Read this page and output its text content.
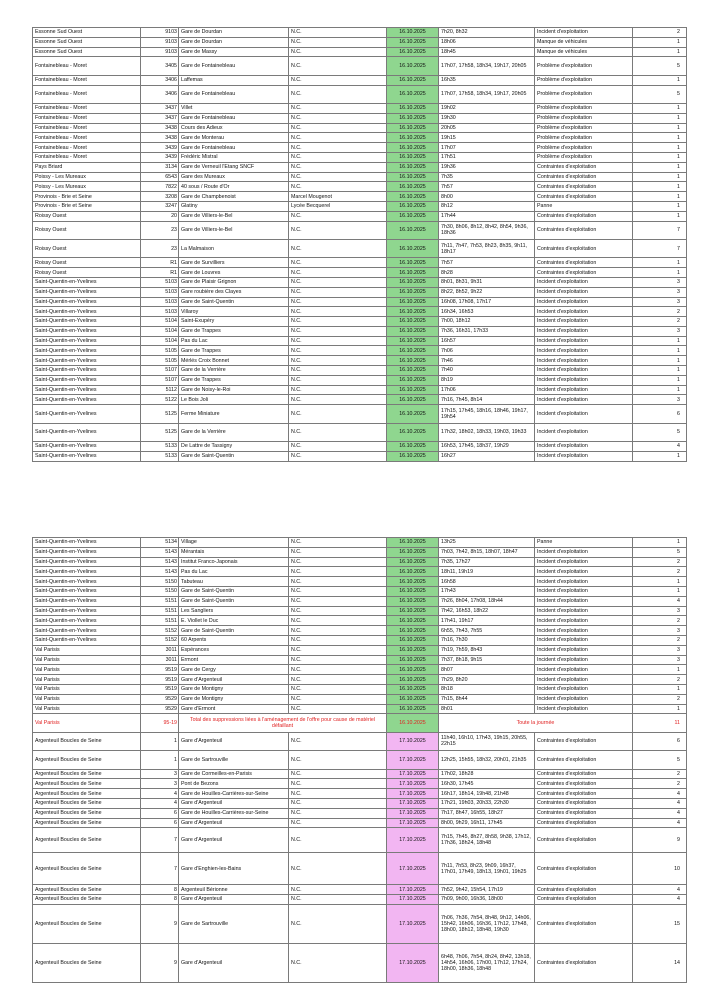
Essonne Sud Ouest	9103	Gare de Dourdan	N.C.	16.10.2025	7h20, 8h32	Incident d'exploitation	2
Essonne Sud Ouest	9103	Gare de Dourdan	N.C.	16.10.2025	18h06	Manque de véhicules	1
Essonne Sud Ouest	9103	Gare de Massy	N.C.	16.10.2025	18h45	Manque de véhicules	1
Fontainebleau - Moret	3405	Gare de Fontainebleau	N.C.	16.10.2025	17h07, 17h58, 18h34, 19h17, 20h05	Problème d'exploitation	5
Fontainebleau - Moret	3406	Laffemas	N.C.	16.10.2025	16h35	Problème d'exploitation	1
Fontainebleau - Moret	3406	Gare de Fontainebleau	N.C.	16.10.2025	17h07, 17h58, 18h34, 19h17, 20h05	Problème d'exploitation	5
Fontainebleau - Moret	3437	Villet	N.C.	16.10.2025	19h02	Problème d'exploitation	1
Fontainebleau - Moret	3437	Gare de Fontainebleau	N.C.	16.10.2025	19h30	Problème d'exploitation	1
Fontainebleau - Moret	3438	Cours des Adieux	N.C.	16.10.2025	20h05	Problème d'exploitation	1
Fontainebleau - Moret	3438	Gare de Monterau	N.C.	16.10.2025	19h15	Problème d'exploitation	1
Fontainebleau - Moret	3439	Gare de Fontainebleau	N.C.	16.10.2025	17h07	Problème d'exploitation	1
Fontainebleau - Moret	3439	Frédéric Mistral	N.C.	16.10.2025	17h51	Problème d'exploitation	1
Pays Briard	3134	Gare de Verneuil l'Etang SNCF	N.C.	16.10.2025	19h36	Contraintes d'exploitation	1
Poissy - Les Mureaux	6543	Gare des Mureaux	N.C.	16.10.2025	7h35	Contraintes d'exploitation	1
Poissy - Les Mureaux	7822	40 sous / Route d'Or	N.C.	16.10.2025	7h57	Contraintes d'exploitation	1
Provinois - Brie et Seine	3208	Gare de Champbenoist	Marcel Mougenot	16.10.2025	8h00	Contraintes d'exploitation	1
Provinois - Brie et Seine	3247	Glatiny	Lycée Becquerel	16.10.2025	8h12	Panne	1
Roissy Ouest	20	Gare de Villiers-le-Bel	N.C.	16.10.2025	17h44	Contraintes d'exploitation	1
Roissy Ouest	23	Gare de Villiers-le-Bel	N.C.	16.10.2025	7h30, 8h06, 8h12, 8h42, 8h54, 9h36, 18h36	Contraintes d'exploitation	7
Roissy Ouest	23	La Malmaison	N.C.	16.10.2025	7h11, 7h47, 7h53, 8h23, 8h35, 9h11, 18h17	Contraintes d'exploitation	7
Roissy Ouest	R1	Gare de Survilliers	N.C.	16.10.2025	7h57	Contraintes d'exploitation	1
Roissy Ouest	R1	Gare de Louvres	N.C.	16.10.2025	8h28	Contraintes d'exploitation	1
Saint-Quentin-en-Yvelines	5103	Gare de Plaisir Grignon	N.C.	16.10.2025	8h01, 8h31, 9h31	Incident d'exploitation	3
Saint-Quentin-en-Yvelines	5103	Gare roubière des Clayes	N.C.	16.10.2025	8h22, 8h52, 9h22	Incident d'exploitation	3
Saint-Quentin-en-Yvelines	5103	Gare de Saint-Quentin	N.C.	16.10.2025	16h08, 17h08, 17h17	Incident d'exploitation	3
Saint-Quentin-en-Yvelines	5103	Villaroy	N.C.	16.10.2025	16h34, 16h53	Incident d'exploitation	2
Saint-Quentin-en-Yvelines	5104	Saint-Exupéry	N.C.	16.10.2025	7h00, 18h12	Incident d'exploitation	2
Saint-Quentin-en-Yvelines	5104	Gare de Trappes	N.C.	16.10.2025	7h36, 16h31, 17h33	Incident d'exploitation	3
Saint-Quentin-en-Yvelines	5104	Pas du Lac	N.C.	16.10.2025	16h57	Incident d'exploitation	1
Saint-Quentin-en-Yvelines	5105	Gare de Trappes	N.C.	16.10.2025	7h06	Incident d'exploitation	1
Saint-Quentin-en-Yvelines	5105	Mérlés Croix Bonnet	N.C.	16.10.2025	7h46	Incident d'exploitation	1
Saint-Quentin-en-Yvelines	5107	Gare de la Verrière	N.C.	16.10.2025	7h40	Incident d'exploitation	1
Saint-Quentin-en-Yvelines	5107	Gare de Trappes	N.C.	16.10.2025	8h19	Incident d'exploitation	1
Saint-Quentin-en-Yvelines	5112	Gare de Noisy-le-Roi	N.C.	16.10.2025	17h06	Incident d'exploitation	1
Saint-Quentin-en-Yvelines	5122	Le Bois Joli	N.C.	16.10.2025	7h16, 7h45, 8h14	Incident d'exploitation	3
Saint-Quentin-en-Yvelines	5125	Ferme Miniature	N.C.	16.10.2025	17h15, 17h45, 18h16, 18h46, 19h17, 19h54	Incident d'exploitation	6
Saint-Quentin-en-Yvelines	5125	Gare de la Verrière	N.C.	16.10.2025	17h32, 18h02, 18h33, 19h03, 19h33	Incident d'exploitation	5
Saint-Quentin-en-Yvelines	5133	De Lattre de Tassigny	N.C.	16.10.2025	16h53, 17h45, 18h37, 19h29	Incident d'exploitation	4
Saint-Quentin-en-Yvelines	5133	Gare de Saint-Quentin	N.C.	16.10.2025	16h27	Incident d'exploitation	1
Saint-Quentin-en-Yvelines	5134	Village	N.C.	16.10.2025	13h25	Panne	1
Saint-Quentin-en-Yvelines	5143	Mérantais	N.C.	16.10.2025	7h03, 7h42, 8h15, 18h07, 18h47	Incident d'exploitation	5
Saint-Quentin-en-Yvelines	5143	Institut Franco-Japonais	N.C.	16.10.2025	7h35, 17h27	Incident d'exploitation	2
Saint-Quentin-en-Yvelines	5143	Pas du Lac	N.C.	16.10.2025	18h11, 19h19	Incident d'exploitation	2
Saint-Quentin-en-Yvelines	5150	Tabuteau	N.C.	16.10.2025	16h58	Incident d'exploitation	1
Saint-Quentin-en-Yvelines	5150	Gare de Saint-Quentin	N.C.	16.10.2025	17h43	Incident d'exploitation	1
Saint-Quentin-en-Yvelines	5151	Gare de Saint-Quentin	N.C.	16.10.2025	7h26, 8h04, 17h08, 18h44	Incident d'exploitation	4
Saint-Quentin-en-Yvelines	5151	Les Sangliers	N.C.	16.10.2025	7h42, 16h53, 18h22	Incident d'exploitation	3
Saint-Quentin-en-Yvelines	5151	E. Viollet le Duc	N.C.	16.10.2025	17h41, 19h17	Incident d'exploitation	2
Saint-Quentin-en-Yvelines	5152	Gare de Saint-Quentin	N.C.	16.10.2025	6h55, 7h43, 7h55	Incident d'exploitation	3
Saint-Quentin-en-Yvelines	5152	60 Arpents	N.C.	16.10.2025	7h16, 7h30	Incident d'exploitation	2
Val Parisis	3011	Espérances	N.C.	16.10.2025	7h19, 7h59, 8h43	Incident d'exploitation	3
Val Parisis	3011	Ermont	N.C.	16.10.2025	7h37, 8h18, 9h15	Incident d'exploitation	3
Val Parisis	9519	Gare de Cergy	N.C.	16.10.2025	8h07	Incident d'exploitation	1
Val Parisis	9519	Gare d'Argenteuil	N.C.	16.10.2025	7h29, 8h20	Incident d'exploitation	2
Val Parisis	9519	Gare de Montigny	N.C.	16.10.2025	8h18	Incident d'exploitation	1
Val Parisis	9529	Gare de Montigny	N.C.	16.10.2025	7h15, 8h44	Incident d'exploitation	2
Val Parisis	9529	Gare d'Ermont	N.C.	16.10.2025	8h01	Incident d'exploitation	1
Val Parisis	95-19	Total des suppressions liées à l'aménagement de l'offre pour cause de matériel défaillant		16.10.2025	Toute la journée		11
Argenteuil Boucles de Seine	1	Gare d'Argenteuil	N.C.	17.10.2025	11h40, 16h10, 17h43, 19h15, 20h55, 22h15	Contraintes d'exploitation	6
Argenteuil Boucles de Seine	1	Gare de Sartrouville	N.C.	17.10.2025	12h25, 15h55, 18h32, 20h01, 21h35	Contraintes d'exploitation	5
Argenteuil Boucles de Seine	3	Gare de Cormeilles-en-Parisis	N.C.	17.10.2025	17h02, 18h28	Contraintes d'exploitation	2
Argenteuil Boucles de Seine	3	Pont de Bezons	N.C.	17.10.2025	16h30, 17h45	Contraintes d'exploitation	2
Argenteuil Boucles de Seine	4	Gare de Houilles-Carrières-sur-Seine	N.C.	17.10.2025	16h17, 18h14, 19h48, 21h48	Contraintes d'exploitation	4
Argenteuil Boucles de Seine	4	Gare d'Argenteuil	N.C.	17.10.2025	17h21, 19h03, 20h33, 22h30	Contraintes d'exploitation	4
Argenteuil Boucles de Seine	6	Gare de Houilles-Carrières-sur-Seine	N.C.	17.10.2025	7h17, 8h47, 16h55, 18h27	Contraintes d'exploitation	4
Argenteuil Boucles de Seine	6	Gare d'Argenteuil	N.C.	17.10.2025	8h00, 9h29, 16h11, 17h45	Contraintes d'exploitation	4
Argenteuil Boucles de Seine	7	Gare d'Argenteuil	N.C.	17.10.2025	7h15, 7h45, 8h27, 8h58, 9h38, 17h12, 17h36, 18h24, 18h48	Contraintes d'exploitation	9
Argenteuil Boucles de Seine	7	Gare d'Enghien-les-Bains	N.C.	17.10.2025	7h11, 7h53, 8h23, 9h09, 16h37, 17h01, 17h49, 18h13, 19h01, 19h25	Contraintes d'exploitation	10
Argenteuil Boucles de Seine	8	Argenteuil Bérionne	N.C.	17.10.2025	7h52, 9h42, 15h54, 17h19	Contraintes d'exploitation	4
Argenteuil Boucles de Seine	8	Gare d'Argenteuil	N.C.	17.10.2025	7h09, 9h00, 16h36, 18h00	Contraintes d'exploitation	4
Argenteuil Boucles de Seine	9	Gare de Sartrouville	N.C.	17.10.2025	7h06, 7h36, 7h54, 8h48, 9h12, 14h06, 15h42, 16h06, 16h36, 17h12, 17h48, 18h00, 18h12, 18h48, 19h30	Contraintes d'exploitation	15
Argenteuil Boucles de Seine	9	Gare d'Argenteuil	N.C.	17.10.2025	6h48, 7h06, 7h54, 8h24, 8h42, 13h18, 14h54, 16h06, 17h00, 17h12, 17h24, 18h00, 18h36, 18h48	Contraintes d'exploitation	14
